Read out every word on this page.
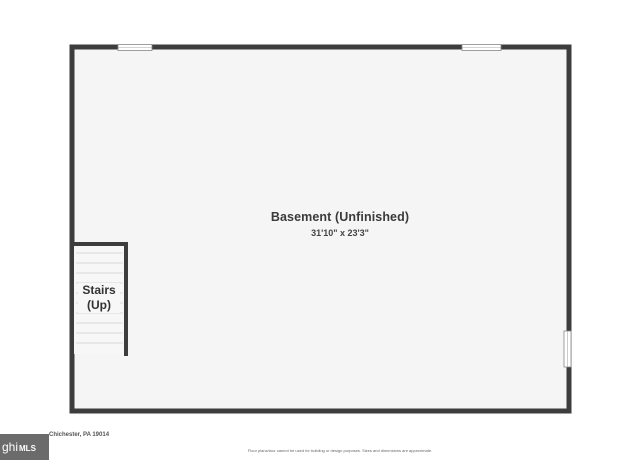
Basement (Unfinished)
31'10" x 23'3"
Stairs
(Up)
ghiMLS
Chichester, PA 19014
Floor plans/tour cannot be used for building or design purposes. Sizes and dimensions are approximate.
